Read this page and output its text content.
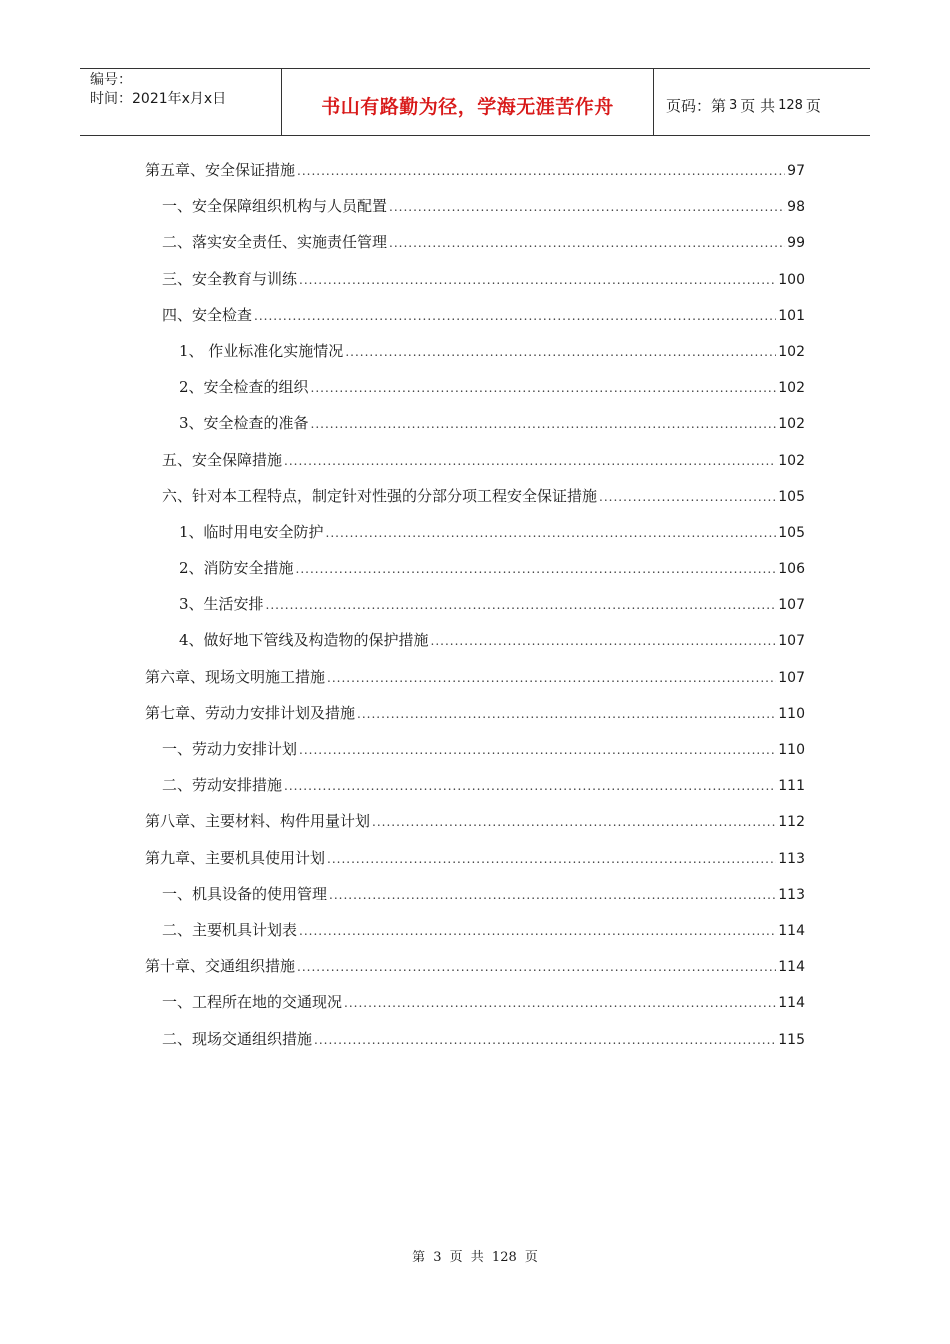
编号：
时间：2021年x月x日	书山有路勤为径，学海无涯苦作舟	页码：第 3 页 共 128 页
第五章、安全保证措施 .....	97
一、安全保障组织机构与人员配置 .....	98
二、落实安全责任、实施责任管理 .....	99
三、安全教育与训练 .....	100
四、安全检查 .....	101
1、 作业标准化实施情况 .....	102
2、安全检查的组织 .....	102
3、安全检查的准备 .....	102
五、安全保障措施 .....	102
六、针对本工程特点，制定针对性强的分部分项工程安全保证措施 .....	105
1、临时用电安全防护 .....	105
2、消防安全措施 .....	106
3、生活安排 .....	107
4、做好地下管线及构造物的保护措施 .....	107
第六章、现场文明施工措施 .....	107
第七章、劳动力安排计划及措施 .....	110
一、劳动力安排计划 .....	110
二、劳动安排措施 .....	111
第八章、主要材料、构件用量计划 .....	112
第九章、主要机具使用计划 .....	113
一、机具设备的使用管理 .....	113
二、主要机具计划表 .....	114
第十章、交通组织措施 .....	114
一、工程所在地的交通现况 .....	114
二、现场交通组织措施 .....	115
第 3 页 共 128 页
